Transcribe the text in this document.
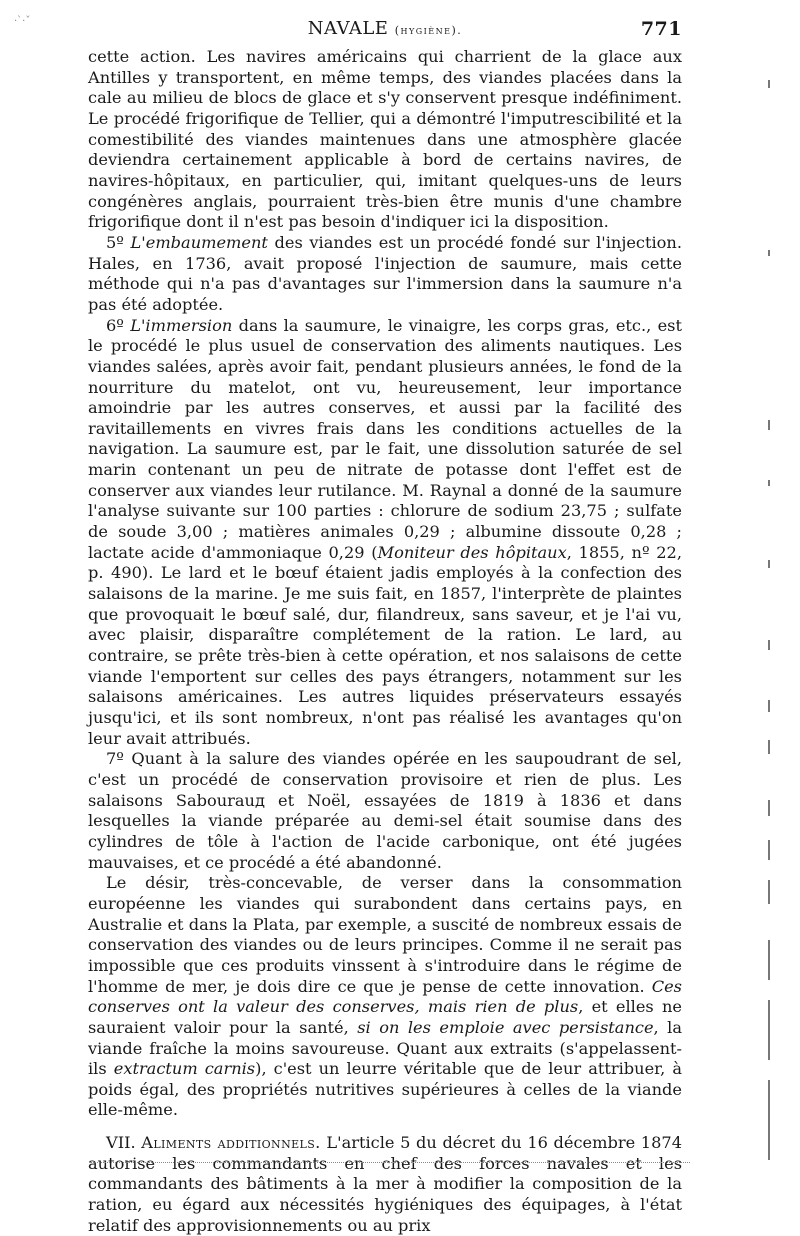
·`·ˇ	NAVALE (hygiène).	771

cette action. Les navires américains qui charrient de la glace aux Antilles y transportent, en même temps, des viandes placées dans la cale au milieu de blocs de glace et s'y conservent presque indéfiniment. Le procédé frigorifique de Tellier, qui a démontré l'imputrescibilité et la comestibilité des viandes maintenues dans une atmosphère glacée deviendra certainement applicable à bord de certains navires, de navires-hôpitaux, en particulier, qui, imitant quelques-uns de leurs congénères anglais, pourraient très-bien être munis d'une chambre frigorifique dont il n'est pas besoin d'indiquer ici la disposition.

5º L'embaumement des viandes est un procédé fondé sur l'injection. Hales, en 1736, avait proposé l'injection de saumure, mais cette méthode qui n'a pas d'avantages sur l'immersion dans la saumure n'a pas été adoptée.

6º L'immersion dans la saumure, le vinaigre, les corps gras, etc., est le procédé le plus usuel de conservation des aliments nautiques. Les viandes salées, après avoir fait, pendant plusieurs années, le fond de la nourriture du matelot, ont vu, heureusement, leur importance amoindrie par les autres conserves, et aussi par la facilité des ravitaillements en vivres frais dans les conditions actuelles de la navigation. La saumure est, par le fait, une dissolution saturée de sel marin contenant un peu de nitrate de potasse dont l'effet est de conserver aux viandes leur rutilance. M. Raynal a donné de la saumure l'analyse suivante sur 100 parties : chlorure de sodium 23,75 ; sulfate de soude 3,00 ; matières animales 0,29 ; albumine dissoute 0,28 ; lactate acide d'ammoniaque 0,29 (Moniteur des hôpitaux, 1855, nº 22, p. 490). Le lard et le bœuf étaient jadis employés à la confection des salaisons de la marine. Je me suis fait, en 1857, l'interprète de plaintes que provoquait le bœuf salé, dur, filandreux, sans saveur, et je l'ai vu, avec plaisir, disparaître complétement de la ration. Le lard, au contraire, se prête très-bien à cette opération, et nos salaisons de cette viande l'emportent sur celles des pays étrangers, notamment sur les salaisons américaines. Les autres liquides préservateurs essayés jusqu'ici, et ils sont nombreux, n'ont pas réalisé les avantages qu'on leur avait attribués.

7º Quant à la salure des viandes opérée en les saupoudrant de sel, c'est un procédé de conservation provisoire et rien de plus. Les salaisons Sabourauд et Noël, essayées de 1819 à 1836 et dans lesquelles la viande préparée au demi-sel était soumise dans des cylindres de tôle à l'action de l'acide carbonique, ont été jugées mauvaises, et ce procédé a été abandonné.

Le désir, très-concevable, de verser dans la consommation européenne les viandes qui surabondent dans certains pays, en Australie et dans la Plata, par exemple, a suscité de nombreux essais de conservation des viandes ou de leurs principes. Comme il ne serait pas impossible que ces produits vinssent à s'introduire dans le régime de l'homme de mer, je dois dire ce que je pense de cette innovation. Ces conserves ont la valeur des conserves, mais rien de plus, et elles ne sauraient valoir pour la santé, si on les emploie avec persistance, la viande fraîche la moins savoureuse. Quant aux extraits (s'appelassent-ils extractum carnis), c'est un leurre véritable que de leur attribuer, à poids égal, des propriétés nutritives supérieures à celles de la viande elle-même.

VII. Aliments additionnels. L'article 5 du décret du 16 décembre 1874 autorise les commandants en chef des forces navales et les commandants des bâtiments à la mer à modifier la composition de la ration, eu égard aux nécessités hygiéniques des équipages, à l'état relatif des approvisionnements ou au prix
